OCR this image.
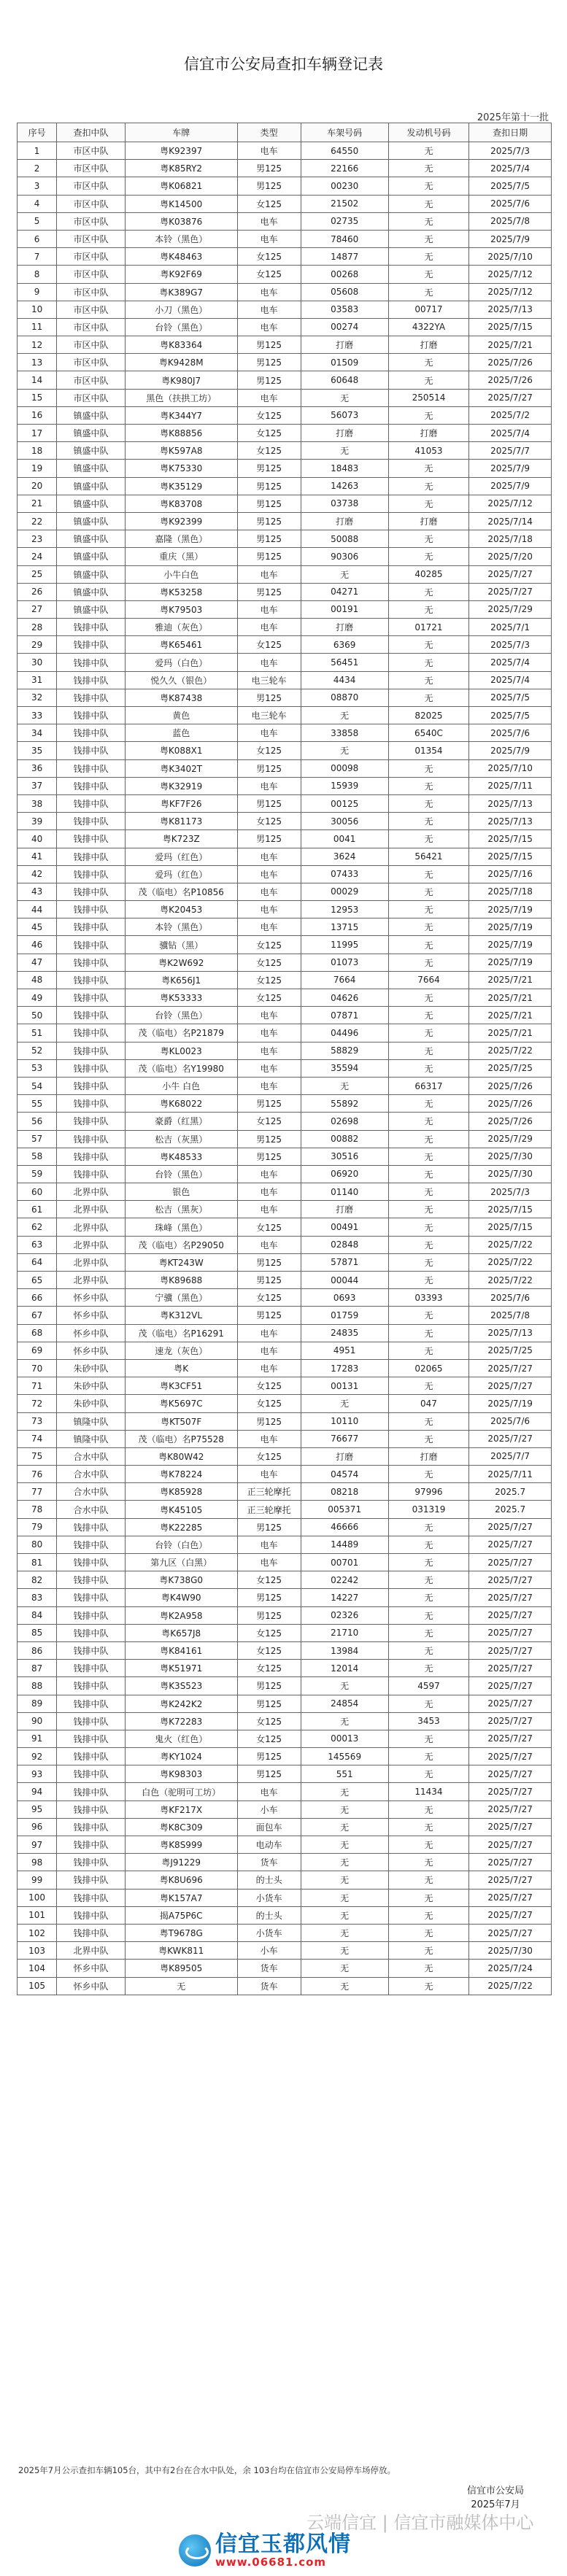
信宜市公安局查扣车辆登记表
2025年第十一批
序号	查扣中队	车牌	类型	车架号码	发动机号码	查扣日期
1	市区中队	粤K92397	电车	64550	无	2025/7/3
2	市区中队	粤K85RY2	男125	22166	无	2025/7/4
3	市区中队	粤K06821	男125	00230	无	2025/7/5
4	市区中队	粤K14500	女125	21502	无	2025/7/6
5	市区中队	粤K03876	电车	02735	无	2025/7/8
6	市区中队	本铃（黑色）	电车	78460	无	2025/7/9
7	市区中队	粤K48463	女125	14877	无	2025/7/10
8	市区中队	粤K92F69	女125	00268	无	2025/7/12
9	市区中队	粤K389G7	电车	05608	无	2025/7/12
10	市区中队	小刀（黑色）	电车	03583	00717	2025/7/13
11	市区中队	台铃（黑色）	电车	00274	4322YA	2025/7/15
12	市区中队	粤K83364	男125	打磨	打磨	2025/7/21
13	市区中队	粤K9428M	男125	01509	无	2025/7/26
14	市区中队	粤K980J7	男125	60648	无	2025/7/26
15	市区中队	黑色（扶拱工坊）	电车	无	250514	2025/7/27
16	镇盛中队	粤K344Y7	女125	56073	无	2025/7/2
17	镇盛中队	粤K88856	女125	打磨	打磨	2025/7/4
18	镇盛中队	粤K597A8	女125	无	41053	2025/7/7
19	镇盛中队	粤K75330	男125	18483	无	2025/7/9
20	镇盛中队	粤K35129	男125	14263	无	2025/7/9
21	镇盛中队	粤K83708	男125	03738	无	2025/7/12
22	镇盛中队	粤K92399	男125	打磨	打磨	2025/7/14
23	镇盛中队	嘉隆（黑色）	男125	50088	无	2025/7/18
24	镇盛中队	重庆（黑）	男125	90306	无	2025/7/20
25	镇盛中队	小牛白色	电车	无	40285	2025/7/27
26	镇盛中队	粤K53258	男125	04271	无	2025/7/27
27	镇盛中队	粤K79503	电车	00191	无	2025/7/29
28	钱排中队	雅迪（灰色）	电车	打磨	01721	2025/7/1
29	钱排中队	粤K65461	女125	6369	无	2025/7/3
30	钱排中队	爱玛（白色）	电车	56451	无	2025/7/4
31	钱排中队	悦久久（银色）	电三轮车	4434	无	2025/7/4
32	钱排中队	粤K87438	男125	08870	无	2025/7/5
33	钱排中队	黄色	电三轮车	无	82025	2025/7/5
34	钱排中队	蓝色	电车	33858	6540C	2025/7/6
35	钱排中队	粤K088X1	女125	无	01354	2025/7/9
36	钱排中队	粤K3402T	男125	00098	无	2025/7/10
37	钱排中队	粤K32919	电车	15939	无	2025/7/11
38	钱排中队	粤KF7F26	男125	00125	无	2025/7/13
39	钱排中队	粤K81173	女125	30056	无	2025/7/13
40	钱排中队	粤K723Z	男125	0041	无	2025/7/15
41	钱排中队	爱玛（红色）	电车	3624	56421	2025/7/15
42	钱排中队	爱玛（红色）	电车	07433	无	2025/7/16
43	钱排中队	茂（临电）名P10856	电车	00029	无	2025/7/18
44	钱排中队	粤K20453	电车	12953	无	2025/7/19
45	钱排中队	本铃（黑色）	电车	13715	无	2025/7/19
46	钱排中队	骥钻（黑）	女125	11995	无	2025/7/19
47	钱排中队	粤K2W692	女125	01073	无	2025/7/19
48	钱排中队	粤K656J1	女125	7664	7664	2025/7/21
49	钱排中队	粤K53333	女125	04626	无	2025/7/21
50	钱排中队	台铃（黑色）	电车	07871	无	2025/7/21
51	钱排中队	茂（临电）名P21879	电车	04496	无	2025/7/21
52	钱排中队	粤KL0023	电车	58829	无	2025/7/22
53	钱排中队	茂（临电）名Y19980	电车	35594	无	2025/7/25
54	钱排中队	小牛 白色	电车	无	66317	2025/7/26
55	钱排中队	粤K68022	男125	55892	无	2025/7/26
56	钱排中队	豪爵（红黑）	女125	02698	无	2025/7/26
57	钱排中队	松吉（灰黑）	男125	00882	无	2025/7/29
58	钱排中队	粤K48533	男125	30516	无	2025/7/30
59	钱排中队	台铃（黑色）	电车	06920	无	2025/7/30
60	北界中队	银色	电车	01140	无	2025/7/3
61	北界中队	松吉（黑灰）	电车	打磨	无	2025/7/15
62	北界中队	珠峰（黑色）	女125	00491	无	2025/7/15
63	北界中队	茂（临电）名P29050	电车	02848	无	2025/7/22
64	北界中队	粤KT243W	男125	57871	无	2025/7/22
65	北界中队	粤K89688	男125	00044	无	2025/7/22
66	怀乡中队	宁骥（黑色）	女125	0693	03393	2025/7/6
67	怀乡中队	粤K312VL	男125	01759	无	2025/7/8
68	怀乡中队	茂（临电）名P16291	电车	24835	无	2025/7/13
69	怀乡中队	速龙（灰色）	电车	4951	无	2025/7/25
70	朱砂中队	粤K	电车	17283	02065	2025/7/27
71	朱砂中队	粤K3CF51	女125	00131	无	2025/7/27
72	朱砂中队	粤K5697C	女125	无	047	2025/7/19
73	镇隆中队	粤KT507F	男125	10110	无	2025/7/6
74	镇隆中队	茂（临电）名P75528	电车	76677	无	2025/7/27
75	合水中队	粤K80W42	女125	打磨	打磨	2025/7/7
76	合水中队	粤K78224	电车	04574	无	2025/7/11
77	合水中队	粤K85928	正三轮摩托	08218	97996	2025.7
78	合水中队	粤K45105	正三轮摩托	005371	031319	2025.7
79	钱排中队	粤K22285	男125	46666	无	2025/7/27
80	钱排中队	台铃（白色）	电车	14489	无	2025/7/27
81	钱排中队	第九区（白黑）	电车	00701	无	2025/7/27
82	钱排中队	粤K738G0	女125	02242	无	2025/7/27
83	钱排中队	粤K4W90	男125	14227	无	2025/7/27
84	钱排中队	粤K2A958	男125	02326	无	2025/7/27
85	钱排中队	粤K657J8	女125	21710	无	2025/7/27
86	钱排中队	粤K84161	女125	13984	无	2025/7/27
87	钱排中队	粤K51971	女125	12014	无	2025/7/27
88	钱排中队	粤K3S523	男125	无	4597	2025/7/27
89	钱排中队	粤K242K2	男125	24854	无	2025/7/27
90	钱排中队	粤K72283	女125	无	3453	2025/7/27
91	钱排中队	鬼火（红色）	女125	00013	无	2025/7/27
92	钱排中队	粤KY1024	男125	145569	无	2025/7/27
93	钱排中队	粤K98303	男125	551	无	2025/7/27
94	钱排中队	白色（驼明可工坊）	电车	无	11434	2025/7/27
95	钱排中队	粤KF217X	小车	无	无	2025/7/27
96	钱排中队	粤K8C309	面包车	无	无	2025/7/27
97	钱排中队	粤K8S999	电动车	无	无	2025/7/27
98	钱排中队	粤J91229	货车	无	无	2025/7/27
99	钱排中队	粤K8U696	的士头	无	无	2025/7/27
100	钱排中队	粤K157A7	小货车	无	无	2025/7/27
101	钱排中队	揭A75P6C	的士头	无	无	2025/7/27
102	钱排中队	粤T9678G	小货车	无	无	2025/7/27
103	北界中队	粤KWK811	小车	无	无	2025/7/30
104	怀乡中队	粤K89505	货车	无	无	2025/7/24
105	怀乡中队	无	货车	无	无	2025/7/22
2025年7月公示查扣车辆105台，其中有2台在合水中队处，余 103台均在信宜市公安局停车场停放。
信宜市公安局
2025年7月
云端信宜 | 信宜市融媒体中心
信宜玉都风情
www.06681.com
